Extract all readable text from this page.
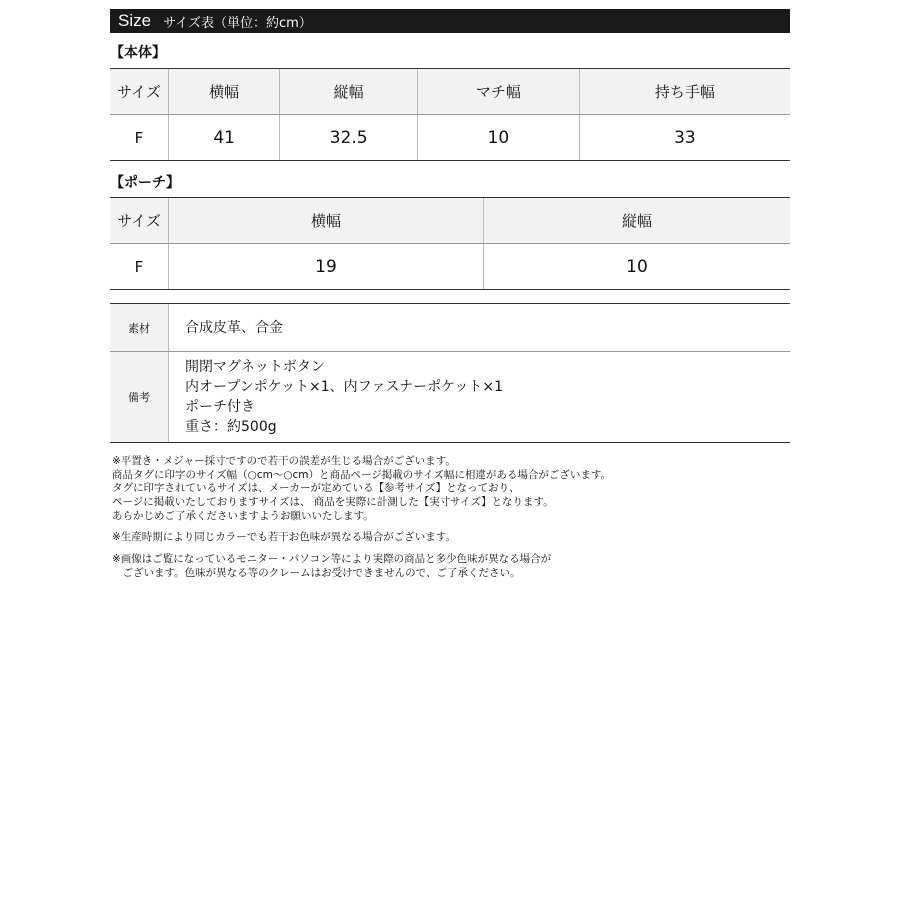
Size サイズ表（単位：約cm）
【本体】
サイズ	横幅	縦幅	マチ幅	持ち手幅
F	41	32.5	10	33
【ポーチ】
サイズ	横幅	縦幅
F	19	10
素材	合成皮革、合金
備考	開閉マグネットボタン
内オープンポケット×1、内ファスナーポケット×1
ポーチ付き
重さ：約500g
※平置き・メジャー採寸ですので若干の誤差が生じる場合がございます。
商品タグに印字のサイズ幅（○cm～○cm）と商品ページ掲載のサイズ幅に相違がある場合がございます。
タグに印字されているサイズは、メーカーが定めている【参考サイズ】となっており、
ページに掲載いたしておりますサイズは、 商品を実際に計測した【実寸サイズ】となります。
あらかじめご了承くださいますようお願いいたします。
※生産時期により同じカラーでも若干お色味が異なる場合がございます。
※画像はご覧になっているモニター・パソコン等により実際の商品と多少色味が異なる場合が
　ございます。色味が異なる等のクレームはお受けできませんので、ご了承ください。
